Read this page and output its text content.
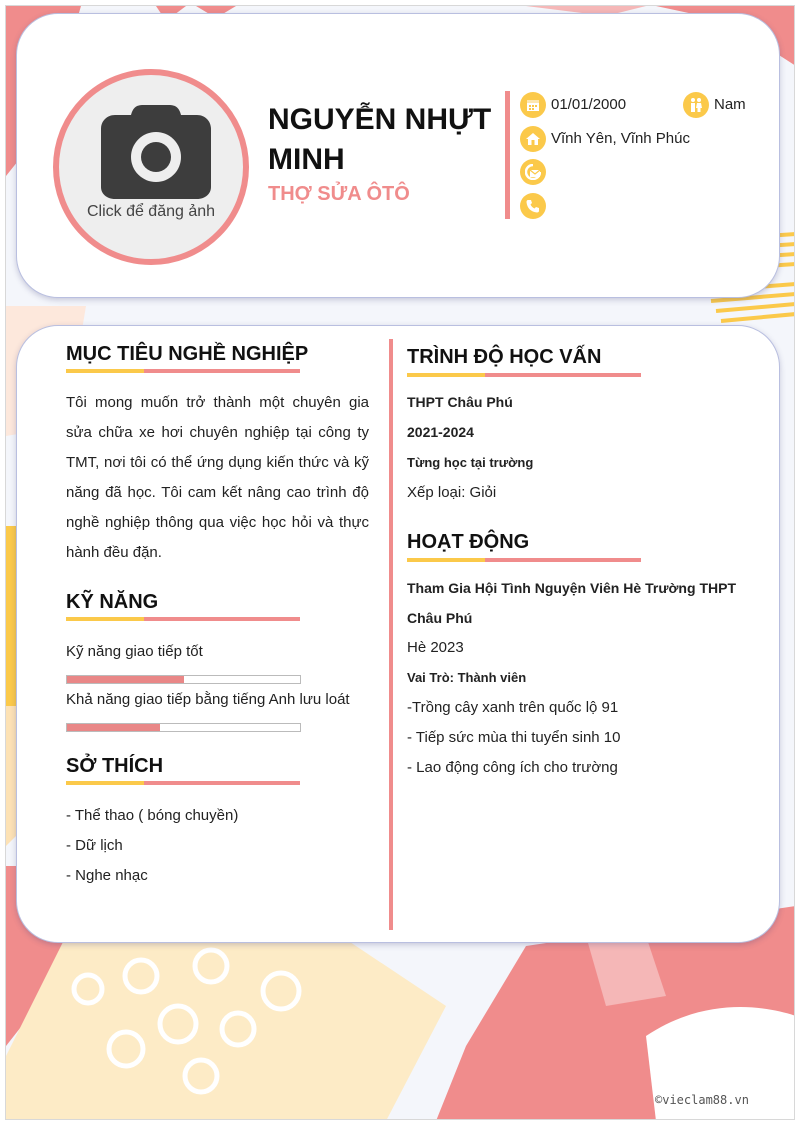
Click để đăng ảnh
NGUYỄN NHỰT MINH
THỢ SỬA ÔTÔ
01/01/2000	Nam
Vĩnh Yên, Vĩnh Phúc
MỤC TIÊU NGHỀ NGHIỆP
Tôi mong muốn trở thành một chuyên gia sửa chữa xe hơi chuyên nghiệp tại công ty TMT, nơi tôi có thể ứng dụng kiến thức và kỹ năng đã học. Tôi cam kết nâng cao trình độ nghề nghiệp thông qua việc học hỏi và thực hành đều đặn.
KỸ NĂNG
Kỹ năng giao tiếp tốt
Khả năng giao tiếp bằng tiếng Anh lưu loát
SỞ THÍCH
- Thể thao ( bóng chuyền)
- Dữ lịch
- Nghe nhạc
TRÌNH ĐỘ HỌC VẤN
THPT Châu Phú
2021-2024
Từng học tại trường
Xếp loại: Giỏi
HOẠT ĐỘNG
Tham Gia Hội Tình Nguyện Viên Hè Trường THPT Châu Phú
Hè 2023
Vai Trò: Thành viên
-Trồng cây xanh trên quốc lộ 91
- Tiếp sức mùa thi tuyển sinh 10
- Lao động công ích cho trường
©vieclam88.vn
